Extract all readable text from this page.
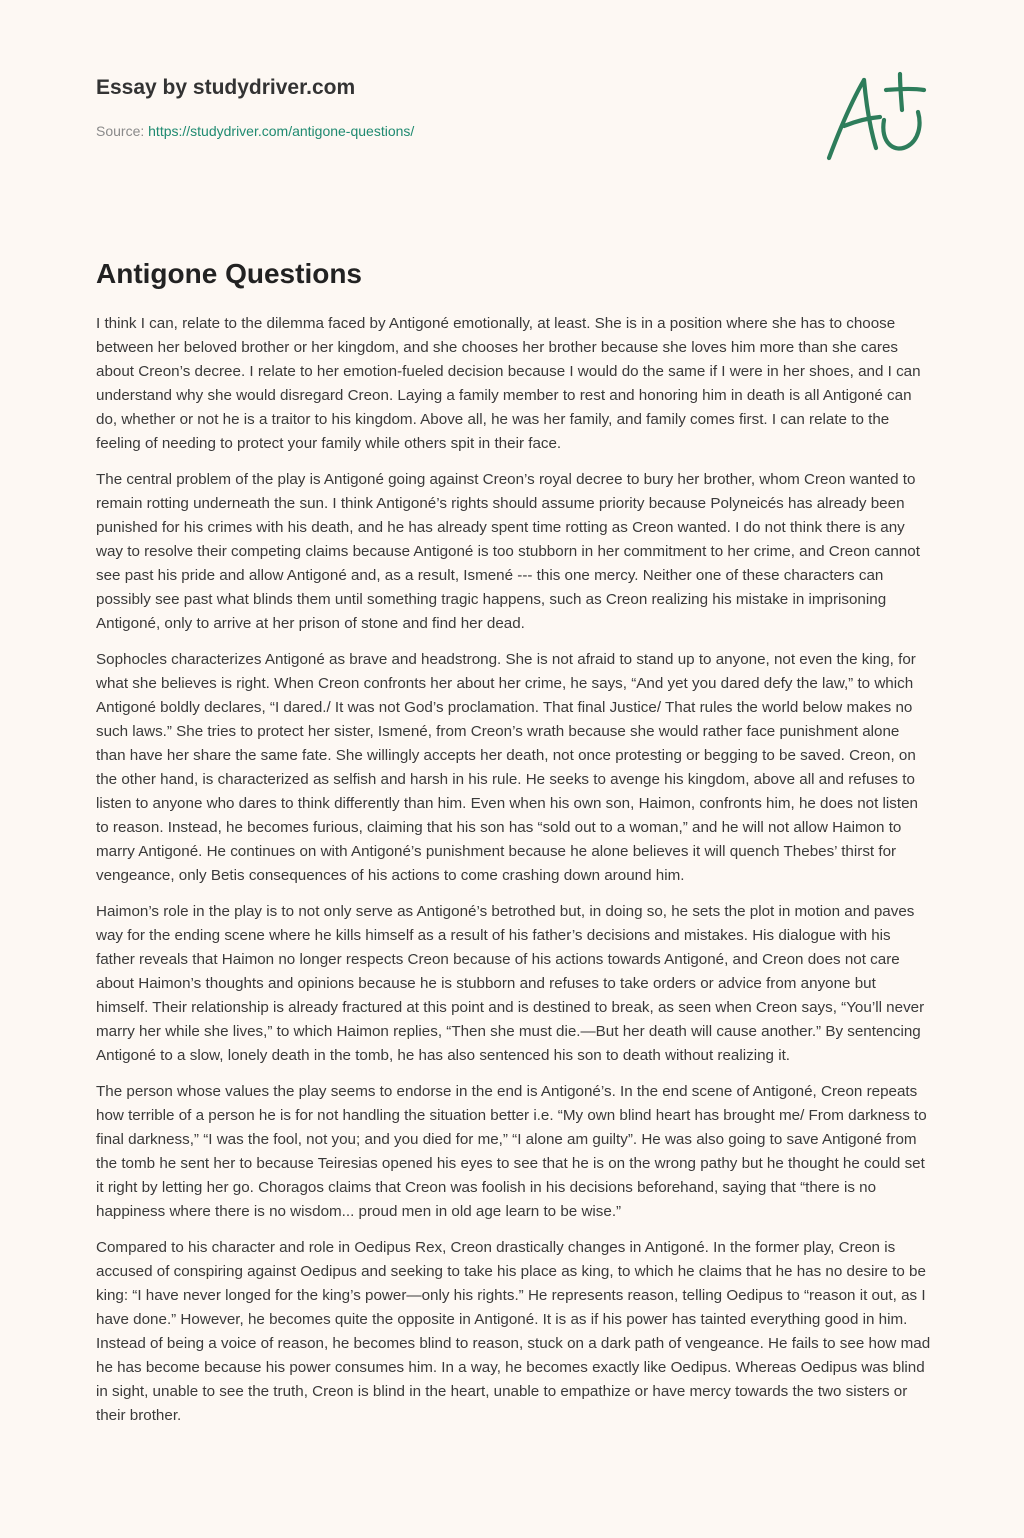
Essay by studydriver.com
Source: https://studydriver.com/antigone-questions/
Antigone Questions

I think I can, relate to the dilemma faced by Antigoné emotionally, at least. She is in a position where she has to choose between her beloved brother or her kingdom, and she chooses her brother because she loves him more than she cares about Creon’s decree. I relate to her emotion-fueled decision because I would do the same if I were in her shoes, and I can understand why she would disregard Creon. Laying a family member to rest and honoring him in death is all Antigoné can do, whether or not he is a traitor to his kingdom. Above all, he was her family, and family comes first. I can relate to the feeling of needing to protect your family while others spit in their face.

The central problem of the play is Antigoné going against Creon’s royal decree to bury her brother, whom Creon wanted to remain rotting underneath the sun. I think Antigoné’s rights should assume priority because Polyneicés has already been punished for his crimes with his death, and he has already spent time rotting as Creon wanted. I do not think there is any way to resolve their competing claims because Antigoné is too stubborn in her commitment to her crime, and Creon cannot see past his pride and allow Antigoné and, as a result, Ismené --- this one mercy. Neither one of these characters can possibly see past what blinds them until something tragic happens, such as Creon realizing his mistake in imprisoning Antigoné, only to arrive at her prison of stone and find her dead.

Sophocles characterizes Antigoné as brave and headstrong. She is not afraid to stand up to anyone, not even the king, for what she believes is right. When Creon confronts her about her crime, he says, “And yet you dared defy the law,” to which Antigoné boldly declares, “I dared./ It was not God’s proclamation. That final Justice/ That rules the world below makes no such laws.” She tries to protect her sister, Ismené, from Creon’s wrath because she would rather face punishment alone than have her share the same fate. She willingly accepts her death, not once protesting or begging to be saved. Creon, on the other hand, is characterized as selfish and harsh in his rule. He seeks to avenge his kingdom, above all and refuses to listen to anyone who dares to think differently than him. Even when his own son, Haimon, confronts him, he does not listen to reason. Instead, he becomes furious, claiming that his son has “sold out to a woman,” and he will not allow Haimon to marry Antigoné. He continues on with Antigoné’s punishment because he alone believes it will quench Thebes’ thirst for vengeance, only Betis consequences of his actions to come crashing down around him.

Haimon’s role in the play is to not only serve as Antigoné’s betrothed but, in doing so, he sets the plot in motion and paves way for the ending scene where he kills himself as a result of his father’s decisions and mistakes. His dialogue with his father reveals that Haimon no longer respects Creon because of his actions towards Antigoné, and Creon does not care about Haimon’s thoughts and opinions because he is stubborn and refuses to take orders or advice from anyone but himself. Their relationship is already fractured at this point and is destined to break, as seen when Creon says, “You’ll never marry her while she lives,” to which Haimon replies, “Then she must die.—But her death will cause another.” By sentencing Antigoné to a slow, lonely death in the tomb, he has also sentenced his son to death without realizing it.

The person whose values the play seems to endorse in the end is Antigoné’s. In the end scene of Antigoné, Creon repeats how terrible of a person he is for not handling the situation better i.e. “My own blind heart has brought me/ From darkness to final darkness,” “I was the fool, not you; and you died for me,” “I alone am guilty”. He was also going to save Antigoné from the tomb he sent her to because Teiresias opened his eyes to see that he is on the wrong pathy but he thought he could set it right by letting her go. Choragos claims that Creon was foolish in his decisions beforehand, saying that “there is no happiness where there is no wisdom... proud men in old age learn to be wise.”

Compared to his character and role in Oedipus Rex, Creon drastically changes in Antigoné. In the former play, Creon is accused of conspiring against Oedipus and seeking to take his place as king, to which he claims that he has no desire to be king: “I have never longed for the king’s power—only his rights.” He represents reason, telling Oedipus to “reason it out, as I have done.” However, he becomes quite the opposite in Antigoné. It is as if his power has tainted everything good in him. Instead of being a voice of reason, he becomes blind to reason, stuck on a dark path of vengeance. He fails to see how mad he has become because his power consumes him. In a way, he becomes exactly like Oedipus. Whereas Oedipus was blind in sight, unable to see the truth, Creon is blind in the heart, unable to empathize or have mercy towards the two sisters or their brother.
